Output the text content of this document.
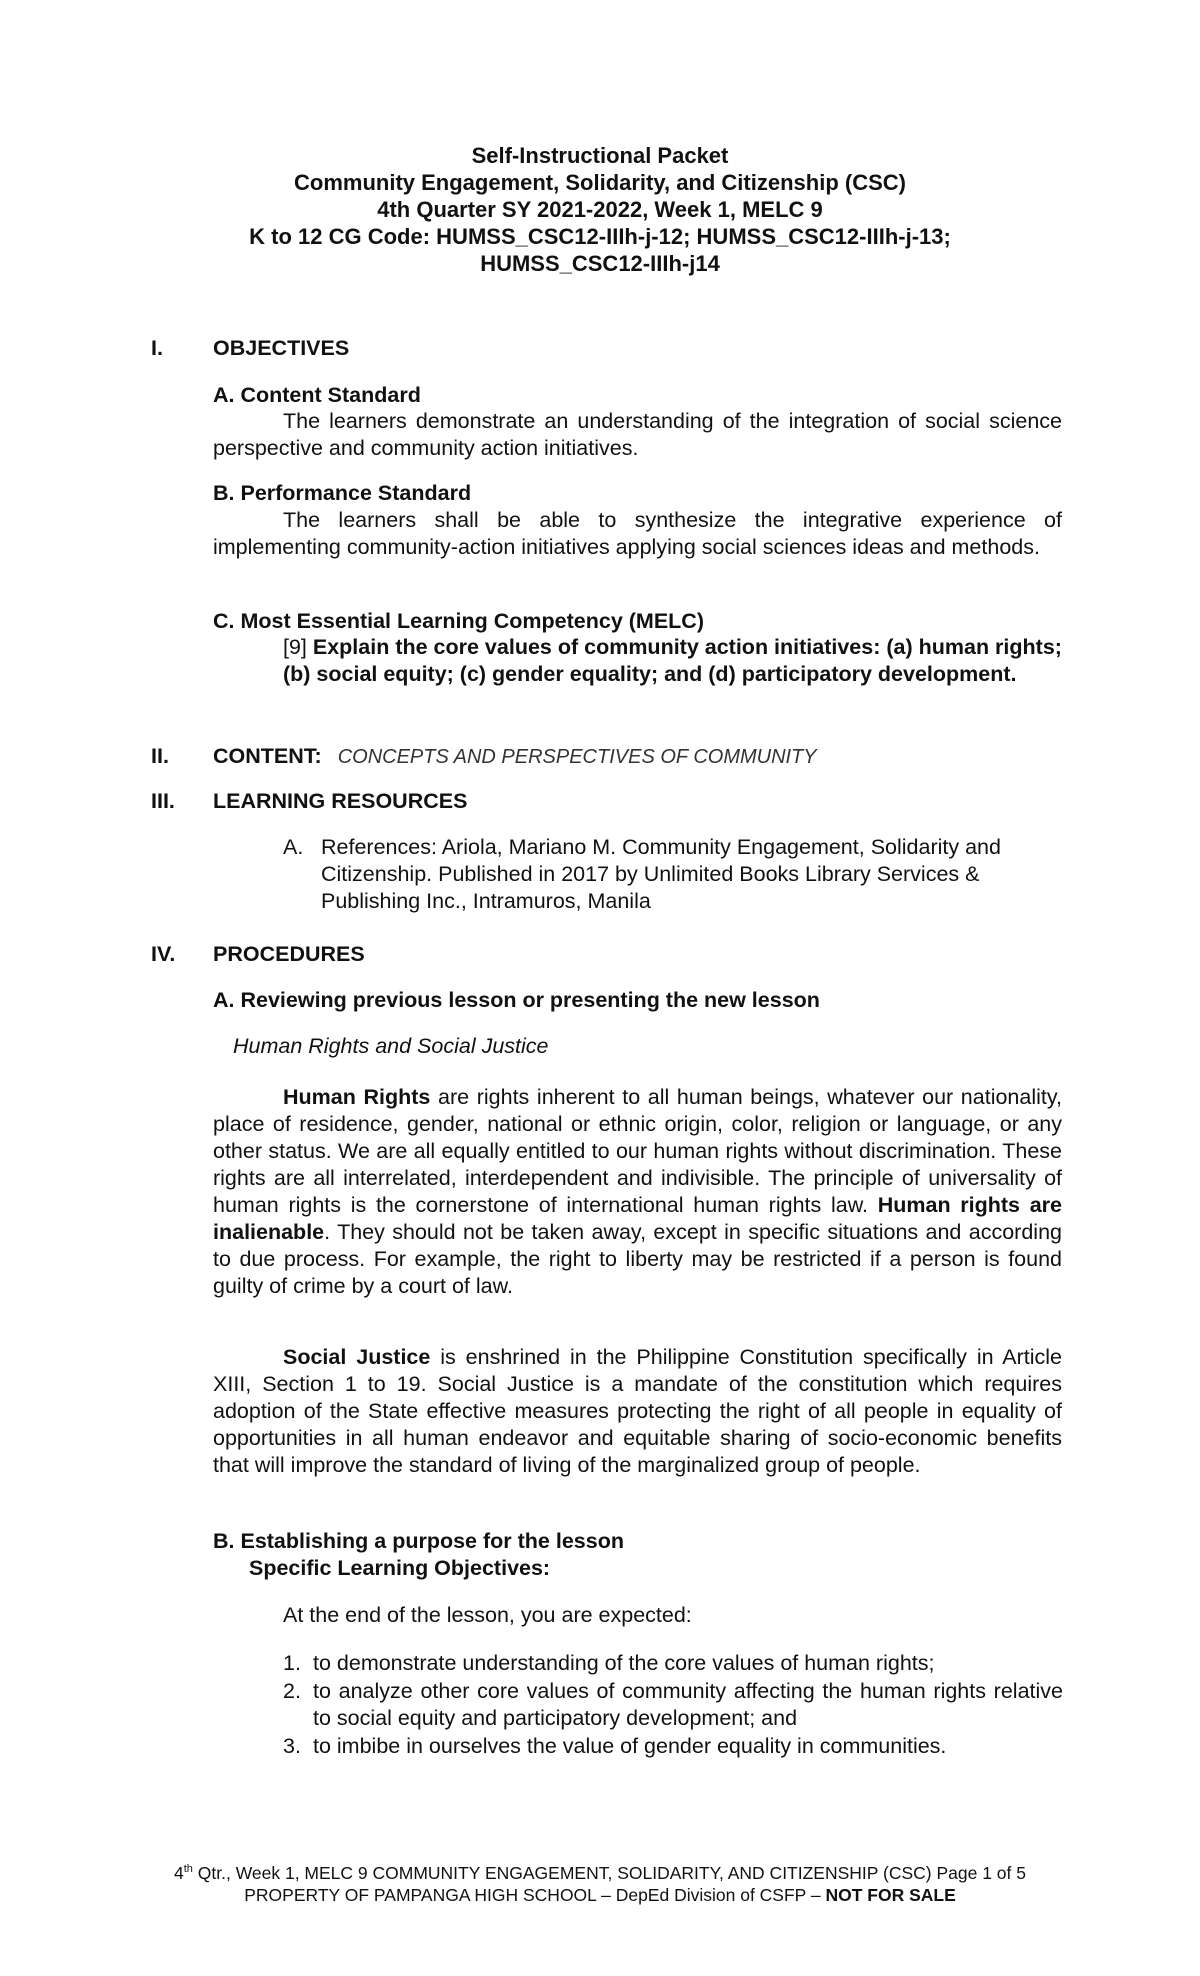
Self-Instructional Packet
Community Engagement, Solidarity, and Citizenship (CSC)
4th Quarter SY 2021-2022, Week 1, MELC 9
K to 12 CG Code: HUMSS_CSC12-IIIh-j-12; HUMSS_CSC12-IIIh-j-13;
HUMSS_CSC12-IIIh-j14
I.	OBJECTIVES
A. Content Standard
The learners demonstrate an understanding of the integration of social science perspective and community action initiatives.
B. Performance Standard
The learners shall be able to synthesize the integrative experience of implementing community-action initiatives applying social sciences ideas and methods.
C. Most Essential Learning Competency (MELC)
[9] Explain the core values of community action initiatives: (a) human rights; (b) social equity; (c) gender equality; and (d) participatory development.
II.	CONTENT: CONCEPTS AND PERSPECTIVES OF COMMUNITY
III.	LEARNING RESOURCES
A. References: Ariola, Mariano M. Community Engagement, Solidarity and Citizenship. Published in 2017 by Unlimited Books Library Services & Publishing Inc., Intramuros, Manila
IV.	PROCEDURES
A. Reviewing previous lesson or presenting the new lesson
Human Rights and Social Justice
Human Rights are rights inherent to all human beings, whatever our nationality, place of residence, gender, national or ethnic origin, color, religion or language, or any other status. We are all equally entitled to our human rights without discrimination. These rights are all interrelated, interdependent and indivisible. The principle of universality of human rights is the cornerstone of international human rights law. Human rights are inalienable. They should not be taken away, except in specific situations and according to due process. For example, the right to liberty may be restricted if a person is found guilty of crime by a court of law.
Social Justice is enshrined in the Philippine Constitution specifically in Article XIII, Section 1 to 19. Social Justice is a mandate of the constitution which requires adoption of the State effective measures protecting the right of all people in equality of opportunities in all human endeavor and equitable sharing of socio-economic benefits that will improve the standard of living of the marginalized group of people.
B. Establishing a purpose for the lesson
Specific Learning Objectives:
At the end of the lesson, you are expected:
1. to demonstrate understanding of the core values of human rights;
2. to analyze other core values of community affecting the human rights relative to social equity and participatory development; and
3. to imbibe in ourselves the value of gender equality in communities.
4th Qtr., Week 1, MELC 9 COMMUNITY ENGAGEMENT, SOLIDARITY, AND CITIZENSHIP (CSC) Page 1 of 5
PROPERTY OF PAMPANGA HIGH SCHOOL – DepEd Division of CSFP – NOT FOR SALE
